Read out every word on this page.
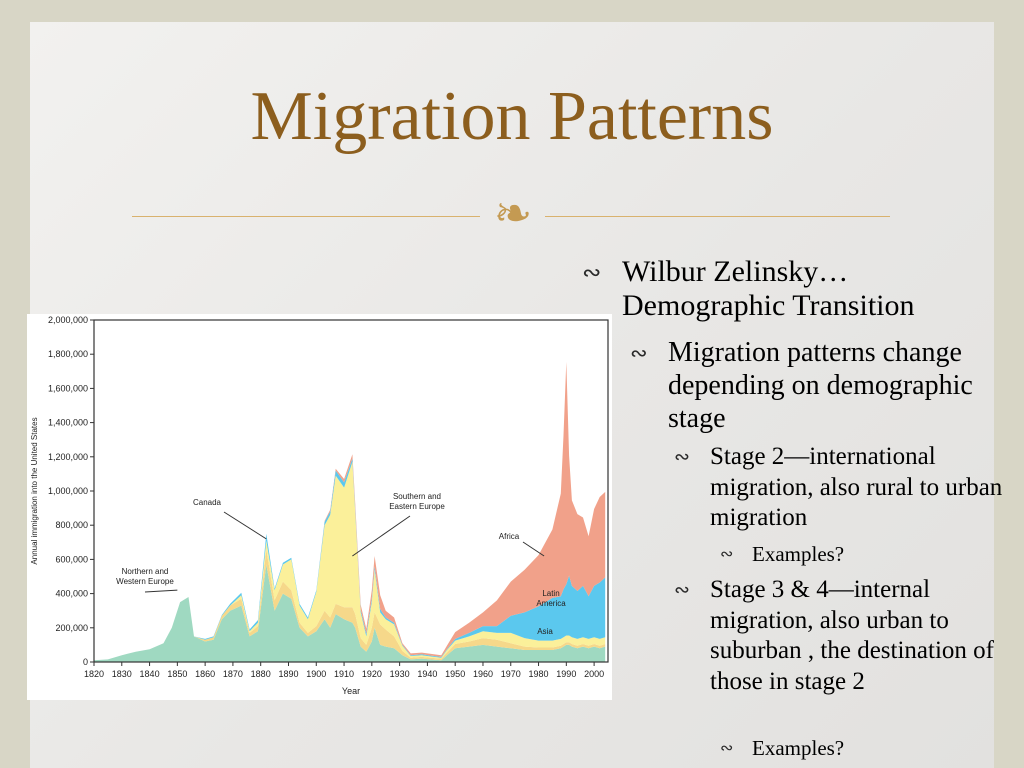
Migration Patterns
❧
0
200,000
400,000
600,000
800,000
1,000,000
1,200,000
1,400,000
1,600,000
1,800,000
2,000,000
1820 1830 1840 1850 1860 1870 1880 1890 1900 1910 1920 1930 1940 1950 1960 1970 1980 1990 2000
Year
Annual immigration into the United States
Northern and Western Europe
Canada
Southern and Eastern Europe
Africa
Latin America
Asia
∾ Wilbur Zelinsky… Demographic Transition
∾ Migration patterns change depending on demographic stage
∾ Stage 2—international migration, also rural to urban migration
∾ Examples?
∾ Stage 3 & 4—internal migration, also urban to suburban , the destination of those in stage 2
∾ Examples?
